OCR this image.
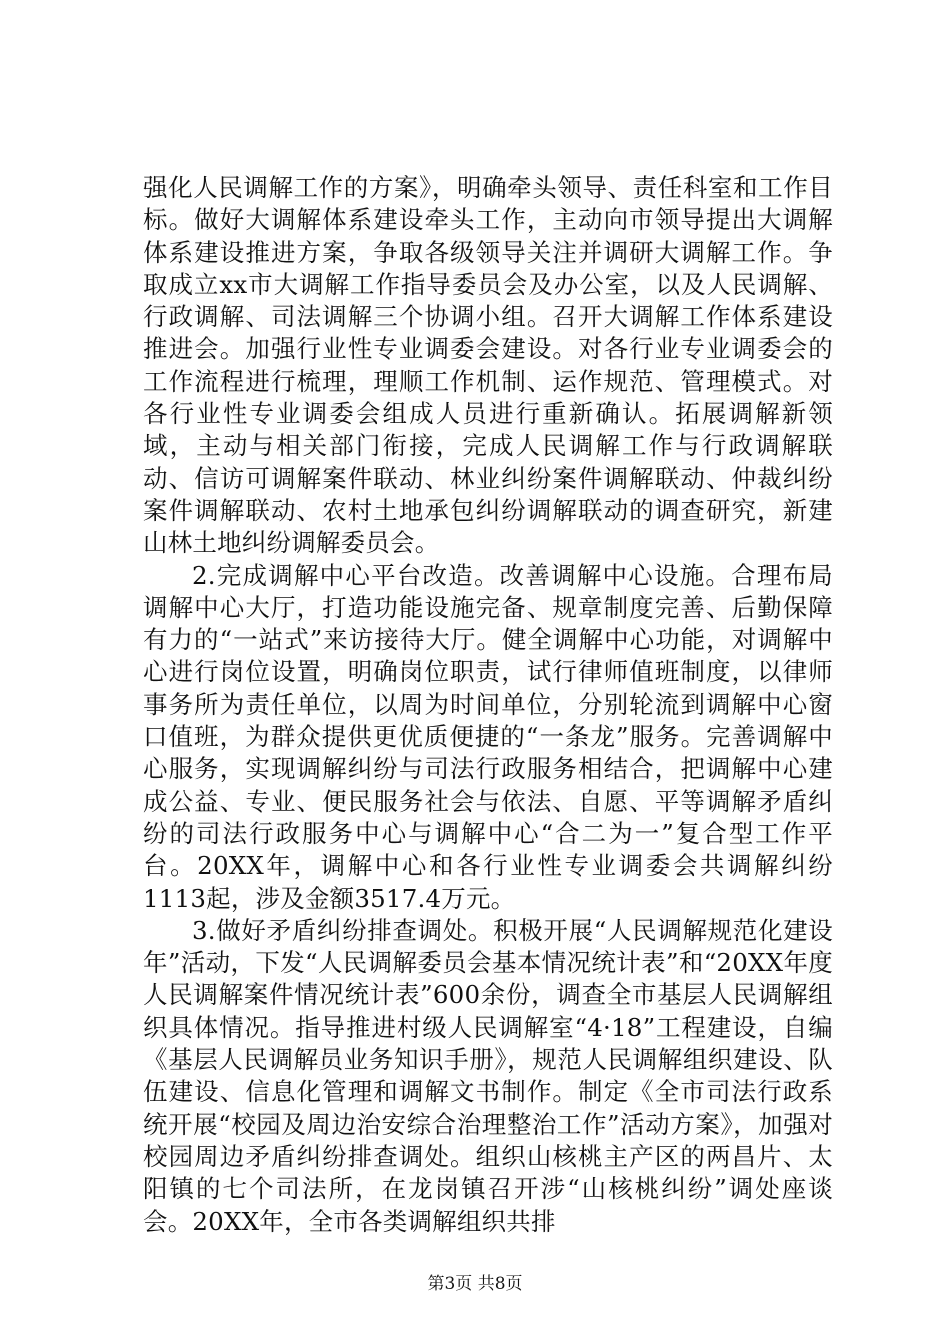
强化人民调解工作的方案》，明确牵头领导、责任科室和工作目标。做好大调解体系建设牵头工作，主动向市领导提出大调解体系建设推进方案，争取各级领导关注并调研大调解工作。争取成立xx市大调解工作指导委员会及办公室，以及人民调解、行政调解、司法调解三个协调小组。召开大调解工作体系建设推进会。加强行业性专业调委会建设。对各行业专业调委会的工作流程进行梳理，理顺工作机制、运作规范、管理模式。对各行业性专业调委会组成人员进行重新确认。拓展调解新领域，主动与相关部门衔接，完成人民调解工作与行政调解联动、信访可调解案件联动、林业纠纷案件调解联动、仲裁纠纷案件调解联动、农村土地承包纠纷调解联动的调查研究，新建山林土地纠纷调解委员会。

2.完成调解中心平台改造。改善调解中心设施。合理布局调解中心大厅，打造功能设施完备、规章制度完善、后勤保障有力的“一站式”来访接待大厅。健全调解中心功能，对调解中心进行岗位设置，明确岗位职责，试行律师值班制度，以律师事务所为责任单位，以周为时间单位，分别轮流到调解中心窗口值班，为群众提供更优质便捷的“一条龙”服务。完善调解中心服务，实现调解纠纷与司法行政服务相结合，把调解中心建成公益、专业、便民服务社会与依法、自愿、平等调解矛盾纠纷的司法行政服务中心与调解中心“合二为一”复合型工作平台。20XX年，调解中心和各行业性专业调委会共调解纠纷1113起，涉及金额3517.4万元。

3.做好矛盾纠纷排查调处。积极开展“人民调解规范化建设年”活动，下发“人民调解委员会基本情况统计表”和“20XX年度人民调解案件情况统计表”600余份，调查全市基层人民调解组织具体情况。指导推进村级人民调解室“4·18”工程建设，自编《基层人民调解员业务知识手册》，规范人民调解组织建设、队伍建设、信息化管理和调解文书制作。制定《全市司法行政系统开展“校园及周边治安综合治理整治工作”活动方案》，加强对校园周边矛盾纠纷排查调处。组织山核桃主产区的两昌片、太阳镇的七个司法所，在龙岗镇召开涉“山核桃纠纷”调处座谈会。20XX年，全市各类调解组织共排

第3页 共8页
